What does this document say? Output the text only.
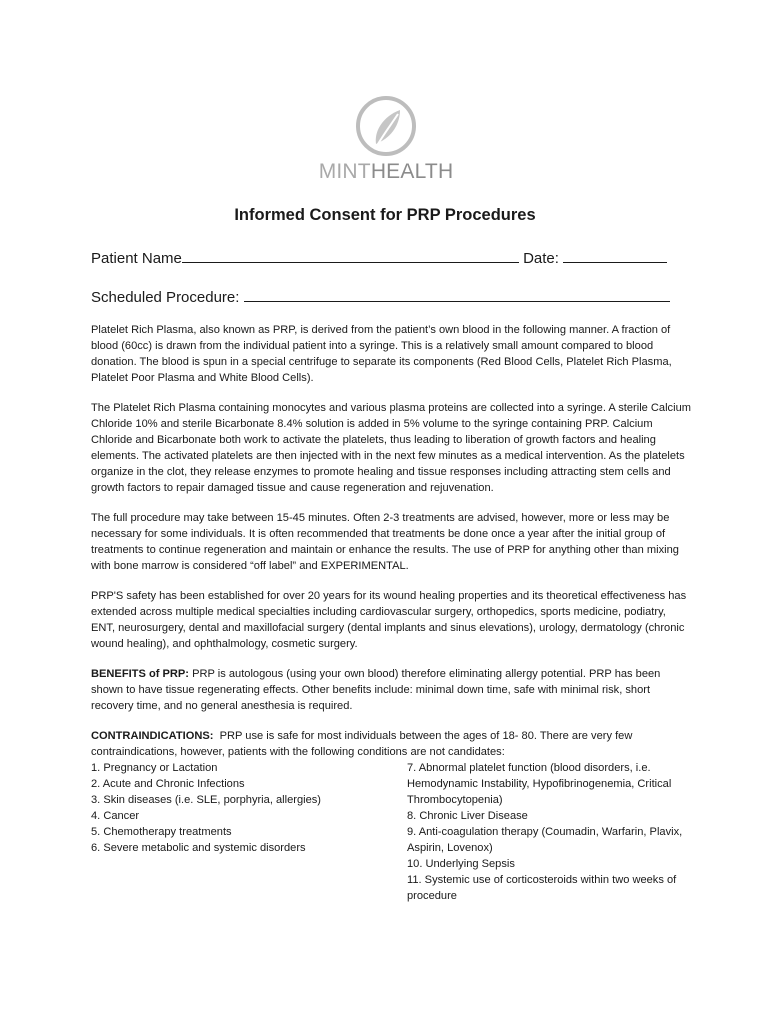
MINTHEALTH
Informed Consent for PRP Procedures
Patient Name	Date:
Scheduled Procedure:

Platelet Rich Plasma, also known as PRP, is derived from the patient’s own blood in the following manner. A fraction of blood (60cc) is drawn from the individual patient into a syringe. This is a relatively small amount compared to blood donation. The blood is spun in a special centrifuge to separate its components (Red Blood Cells, Platelet Rich Plasma, Platelet Poor Plasma and White Blood Cells).

The Platelet Rich Plasma containing monocytes and various plasma proteins are collected into a syringe. A sterile Calcium Chloride 10% and sterile Bicarbonate 8.4% solution is added in 5% volume to the syringe containing PRP. Calcium Chloride and Bicarbonate both work to activate the platelets, thus leading to liberation of growth factors and healing elements. The activated platelets are then injected with in the next few minutes as a medical intervention. As the platelets organize in the clot, they release enzymes to promote healing and tissue responses including attracting stem cells and growth factors to repair damaged tissue and cause regeneration and rejuvenation.

The full procedure may take between 15-45 minutes. Often 2-3 treatments are advised, however, more or less may be necessary for some individuals. It is often recommended that treatments be done once a year after the initial group of treatments to continue regeneration and maintain or enhance the results. The use of PRP for anything other than mixing with bone marrow is considered “off label” and EXPERIMENTAL.

PRP'S safety has been established for over 20 years for its wound healing properties and its theoretical effectiveness has extended across multiple medical specialties including cardiovascular surgery, orthopedics, sports medicine, podiatry, ENT, neurosurgery, dental and maxillofacial surgery (dental implants and sinus elevations), urology, dermatology (chronic wound healing), and ophthalmology, cosmetic surgery.

BENEFITS of PRP: PRP is autologous (using your own blood) therefore eliminating allergy potential. PRP has been shown to have tissue regenerating effects. Other benefits include: minimal down time, safe with minimal risk, short recovery time, and no general anesthesia is required.

CONTRAINDICATIONS:  PRP use is safe for most individuals between the ages of 18- 80. There are very few contraindications, however, patients with the following conditions are not candidates:

1. Pregnancy or Lactation
2. Acute and Chronic Infections
3. Skin diseases (i.e. SLE, porphyria, allergies)
4. Cancer
5. Chemotherapy treatments
6. Severe metabolic and systemic disorders
7. Abnormal platelet function (blood disorders, i.e. Hemodynamic Instability, Hypofibrinogenemia, Critical Thrombocytopenia)
8. Chronic Liver Disease
9. Anti-coagulation therapy (Coumadin, Warfarin, Plavix, Aspirin, Lovenox)
10. Underlying Sepsis
11. Systemic use of corticosteroids within two weeks of procedure
